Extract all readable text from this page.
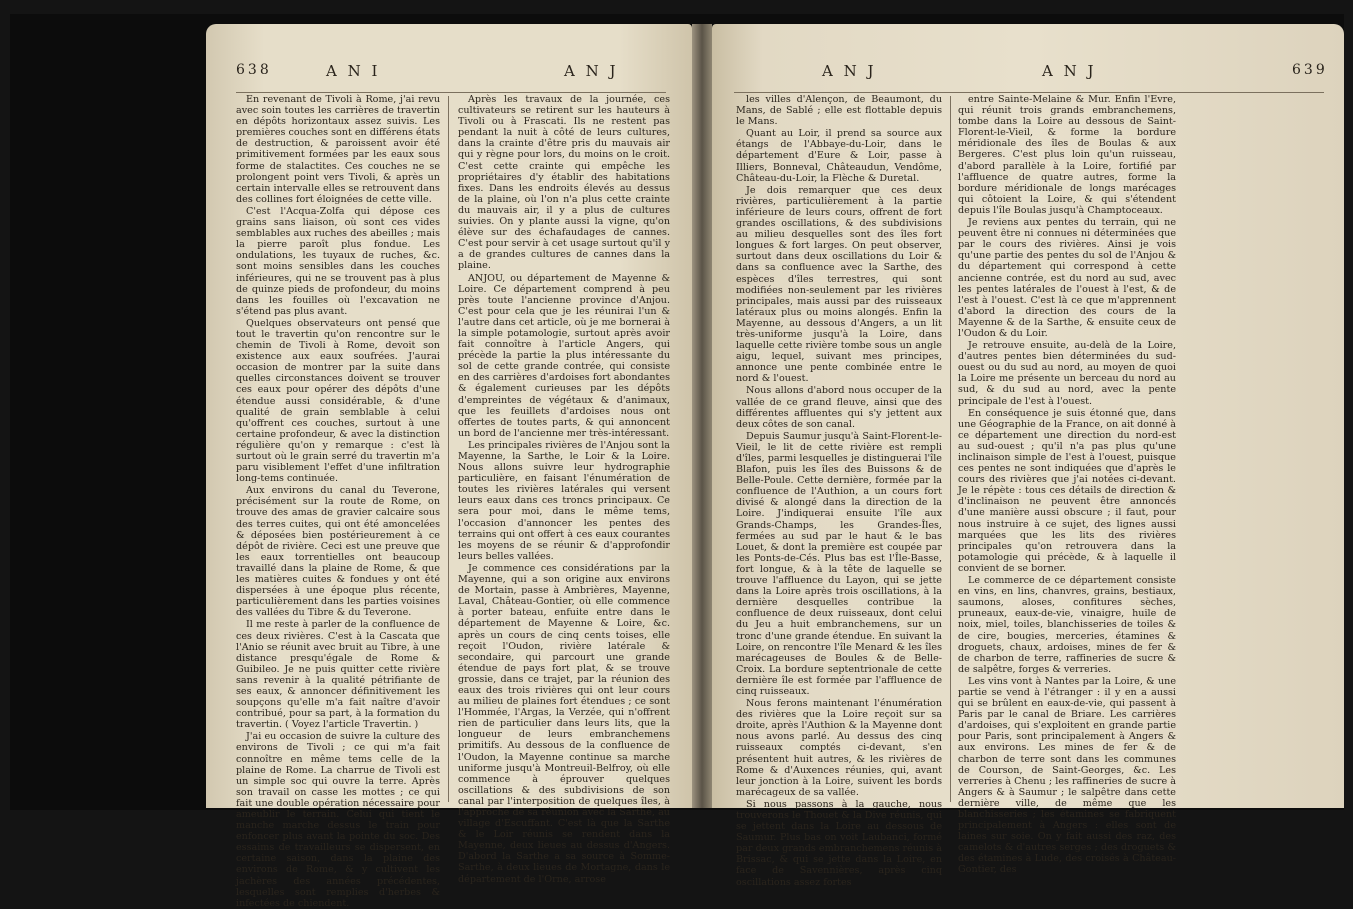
638	A N I	A N J

En revenant de Tivoli à Rome, j'ai revu avec soin toutes les carrières de travertin en dépôts horizontaux assez suivis. Les premières couches sont en différens états de destruction, & paroissent avoir été primitivement formées par les eaux sous forme de stalactites. Ces couches ne se prolongent point vers Tivoli, & après un certain intervalle elles se retrouvent dans des collines fort éloignées de cette ville.

C'est l'Acqua-Zolfa qui dépose ces grains sans liaison, où sont ces vides semblables aux ruches des abeilles ; mais la pierre paroît plus fondue. Les ondulations, les tuyaux de ruches, &c. sont moins sensibles dans les couches inférieures, qui ne se trouvent pas à plus de quinze pieds de profondeur, du moins dans les fouilles où l'excavation ne s'étend pas plus avant.

Quelques observateurs ont pensé que tout le travertin qu'on rencontre sur le chemin de Tivoli à Rome, devoit son existence aux eaux soufrées. J'aurai occasion de montrer par la suite dans quelles circonstances doivent se trouver ces eaux pour opérer des dépôts d'une étendue aussi considérable, & d'une qualité de grain semblable à celui qu'offrent ces couches, surtout à une certaine profondeur, & avec la distinction régulière qu'on y remarque : c'est là surtout où le grain serré du travertin m'a paru visiblement l'effet d'une infiltration long-tems continuée.

Aux environs du canal du Teverone, précisément sur la route de Rome, on trouve des amas de gravier calcaire sous des terres cuites, qui ont été amoncelées & déposées bien postérieurement à ce dépôt de rivière. Ceci est une preuve que les eaux torrentielles ont beaucoup travaillé dans la plaine de Rome, & que les matières cuites & fondues y ont été dispersées à une époque plus récente, particulièrement dans les parties voisines des vallées du Tibre & du Teverone.

Il me reste à parler de la confluence de ces deux rivières. C'est à la Cascata que l'Anio se réunit avec bruit au Tibre, à une distance presqu'égale de Rome & Guibileo. Je ne puis quitter cette rivière sans revenir à la qualité pétrifiante de ses eaux, & annoncer définitivement les soupçons qu'elle m'a fait naître d'avoir contribué, pour sa part, à la formation du travertin. ( Voyez l'article Travertin. )

J'ai eu occasion de suivre la culture des environs de Tivoli ; ce qui m'a fait connoître en même tems celle de la plaine de Rome. La charrue de Tivoli est un simple soc qui ouvre la terre. Après son travail on casse les mottes ; ce qui fait une double opération nécessaire pour ameublir le terrain. Celui qui tient le manche marche dessus le train pour enfoncer plus avant la pointe du soc. Des essaims de travailleurs se dispersent, en certaine saison, dans la plaine des environs de Rome, & y cultivent les jachères des années précédentes, lesquelles sont remplies d'herbes & infectées de chiendent.

Après les travaux de la journée, ces cultivateurs se retirent sur les hauteurs à Tivoli ou à Frascati. Ils ne restent pas pendant la nuit à côté de leurs cultures, dans la crainte d'être pris du mauvais air qui y règne pour lors, du moins on le croit. C'est cette crainte qui empêche les propriétaires d'y établir des habitations fixes. Dans les endroits élevés au dessus de la plaine, où l'on n'a plus cette crainte du mauvais air, il y a plus de cultures suivies. On y plante aussi la vigne, qu'on élève sur des échafaudages de cannes. C'est pour servir à cet usage surtout qu'il y a de grandes cultures de cannes dans la plaine.

ANJOU, ou département de Mayenne & Loire. Ce département comprend à peu près toute l'ancienne province d'Anjou. C'est pour cela que je les réunirai l'un & l'autre dans cet article, où je me bornerai à la simple potamologie, surtout après avoir fait connoître à l'article Angers, qui précède la partie la plus intéressante du sol de cette grande contrée, qui consiste en des carrières d'ardoises fort abondantes & également curieuses par les dépôts d'empreintes de végétaux & d'animaux, que les feuillets d'ardoises nous ont offertes de toutes parts, & qui annoncent un bord de l'ancienne mer très-intéressant.

Les principales rivières de l'Anjou sont la Mayenne, la Sarthe, le Loir & la Loire. Nous allons suivre leur hydrographie particulière, en faisant l'énumération de toutes les rivières latérales qui versent leurs eaux dans ces troncs principaux. Ce sera pour moi, dans le même tems, l'occasion d'annoncer les pentes des terrains qui ont offert à ces eaux courantes les moyens de se réunir & d'approfondir leurs belles vallées.

Je commence ces considérations par la Mayenne, qui a son origine aux environs de Mortain, passe à Ambrières, Mayenne, Laval, Château-Gontier, où elle commence à porter bateau, enfuite entre dans le département de Mayenne & Loire, &c. après un cours de cinq cents toises, elle reçoit l'Oudon, rivière latérale & secondaire, qui parcourt une grande étendue de pays fort plat, & se trouve grossie, dans ce trajet, par la réunion des eaux des trois rivières qui ont leur cours au milieu de plaines fort étendues ; ce sont l'Hommée, l'Argas, la Verzée, qui n'offrent rien de particulier dans leurs lits, que la longueur de leurs embranchemens primitifs. Au dessous de la confluence de l'Oudon, la Mayenne continue sa marche uniforme jusqu'à Montreuil-Belfroy, où elle commence à éprouver quelques oscillations & des subdivisions de son canal par l'interposition de quelques îles, à l'approche de sa réunion avec la Sarthe, au village d'Escuffant. C'est là que la Sarthe & le Loir réunis se rendent dans la Mayenne, deux lieues au dessus d'Angers. D'abord la Sarthe a sa source à Somme-Sarthe, à deux lieues de Mortagne, dans le département de l'Orne, arrose

A N J	A N J	639

les villes d'Alençon, de Beaumont, du Mans, de Sablé ; elle est flottable depuis le Mans.

Quant au Loir, il prend sa source aux étangs de l'Abbaye-du-Loir, dans le département d'Eure & Loir, passe à Illiers, Bonneval, Châteaudun, Vendôme, Château-du-Loir, la Flèche & Duretal.

Je dois remarquer que ces deux rivières, particulièrement à la partie inférieure de leurs cours, offrent de fort grandes oscillations, & des subdivisions au milieu desquelles sont des îles fort longues & fort larges. On peut observer, surtout dans deux oscillations du Loir & dans sa confluence avec la Sarthe, des espèces d'îles terrestres, qui sont modifiées non-seulement par les rivières principales, mais aussi par des ruisseaux latéraux plus ou moins alongés. Enfin la Mayenne, au dessous d'Angers, a un lit très-uniforme jusqu'à la Loire, dans laquelle cette rivière tombe sous un angle aigu, lequel, suivant mes principes, annonce une pente combinée entre le nord & l'ouest.

Nous allons d'abord nous occuper de la vallée de ce grand fleuve, ainsi que des différentes affluentes qui s'y jettent aux deux côtes de son canal.

Depuis Saumur jusqu'à Saint-Florent-le-Vieil, le lit de cette rivière est rempli d'îles, parmi lesquelles je distinguerai l'île Blafon, puis les îles des Buissons & de Belle-Poule. Cette dernière, formée par la confluence de l'Authion, a un cours fort divisé & alongé dans la direction de la Loire. J'indiquerai ensuite l'île aux Grands-Champs, les Grandes-Îles, fermées au sud par le haut & le bas Louet, & dont la première est coupée par les Ponts-de-Cés. Plus bas est l'Île-Basse, fort longue, & à la tête de laquelle se trouve l'affluence du Layon, qui se jette dans la Loire après trois oscillations, à la dernière desquelles contribue la confluence de deux ruisseaux, dont celui du Jeu a huit embranchemens, sur un tronc d'une grande étendue. En suivant la Loire, on rencontre l'île Menard & les îles marécageuses de Boules & de Belle-Croix. La bordure septentrionale de cette dernière île est formée par l'affluence de cinq ruisseaux.

Nous ferons maintenant l'énumération des rivières que la Loire reçoit sur sa droite, après l'Authion & la Mayenne dont nous avons parlé. Au dessus des cinq ruisseaux comptés ci-devant, s'en présentent huit autres, & les rivières de Rome & d'Auxences réunies, qui, avant leur jonction à la Loire, suivent les bords marécageux de sa vallée.

Si nous passons à la gauche, nous trouverons le Thouet & la Dive réunis, qui se jettent dans la Loire au dessous de Saumur. Plus bas on voit Laubanci, formé par deux grands embranchemens réunis à Brissac, & qui se jette dans la Loire, en face de Savennières, après cinq oscillations assez fortes

entre Sainte-Melaine & Mur. Enfin l'Evre, qui réunit trois grands embranchemens, tombe dans la Loire au dessous de Saint-Florent-le-Vieil, & forme la bordure méridionale des îles de Boulas & aux Bergeres. C'est plus loin qu'un ruisseau, d'abord parallèle à la Loire, fortifié par l'affluence de quatre autres, forme la bordure méridionale de longs marécages qui côtoient la Loire, & qui s'étendent depuis l'île Boulas jusqu'à Champtoceaux.

Je reviens aux pentes du terrain, qui ne peuvent être ni connues ni déterminées que par le cours des rivières. Ainsi je vois qu'une partie des pentes du sol de l'Anjou & du département qui correspond à cette ancienne contrée, est du nord au sud, avec les pentes latérales de l'ouest à l'est, & de l'est à l'ouest. C'est là ce que m'apprennent d'abord la direction des cours de la Mayenne & de la Sarthe, & ensuite ceux de l'Oudon & du Loir.

Je retrouve ensuite, au-delà de la Loire, d'autres pentes bien déterminées du sud-ouest ou du sud au nord, au moyen de quoi la Loire me présente un berceau du nord au sud, & du sud au nord, avec la pente principale de l'est à l'ouest.

En conséquence je suis étonné que, dans une Géographie de la France, on ait donné à ce département une direction du nord-est au sud-ouest ; qu'il n'a pas plus qu'une inclinaison simple de l'est à l'ouest, puisque ces pentes ne sont indiquées que d'après le cours des rivières que j'ai notées ci-devant. Je le répète : tous ces détails de direction & d'inclinaison ne peuvent être annoncés d'une manière aussi obscure ; il faut, pour nous instruire à ce sujet, des lignes aussi marquées que les lits des rivières principales qu'on retrouvera dans la potamologie qui précède, & à laquelle il convient de se borner.

Le commerce de ce département consiste en vins, en lins, chanvres, grains, bestiaux, saumons, aloses, confitures sèches, pruneaux, eaux-de-vie, vinaigre, huile de noix, miel, toiles, blanchisseries de toiles & de cire, bougies, merceries, étamines & droguets, chaux, ardoises, mines de fer & de charbon de terre, raffineries de sucre & de salpêtre, forges & verreries.

Les vins vont à Nantes par la Loire, & une partie se vend à l'étranger : il y en a aussi qui se brûlent en eaux-de-vie, qui passent à Paris par le canal de Briare. Les carrières d'ardoises, qui s'exploitent en grande partie pour Paris, sont principalement à Angers & aux environs. Les mines de fer & de charbon de terre sont dans les communes de Courson, de Saint-Georges, &c. Les verreries à Chenu ; les raffineries de sucre à Angers & à Saumur ; le salpêtre dans cette dernière ville, de même que les blanchisseries ; les étamines se fabriquent principalement à Angers : elles sont de laines sur soie. On y fait aussi des raz, des camelots & d'autres serges ; des droguets & des étamines à Lude, des croisés à Château-Gontier, des
